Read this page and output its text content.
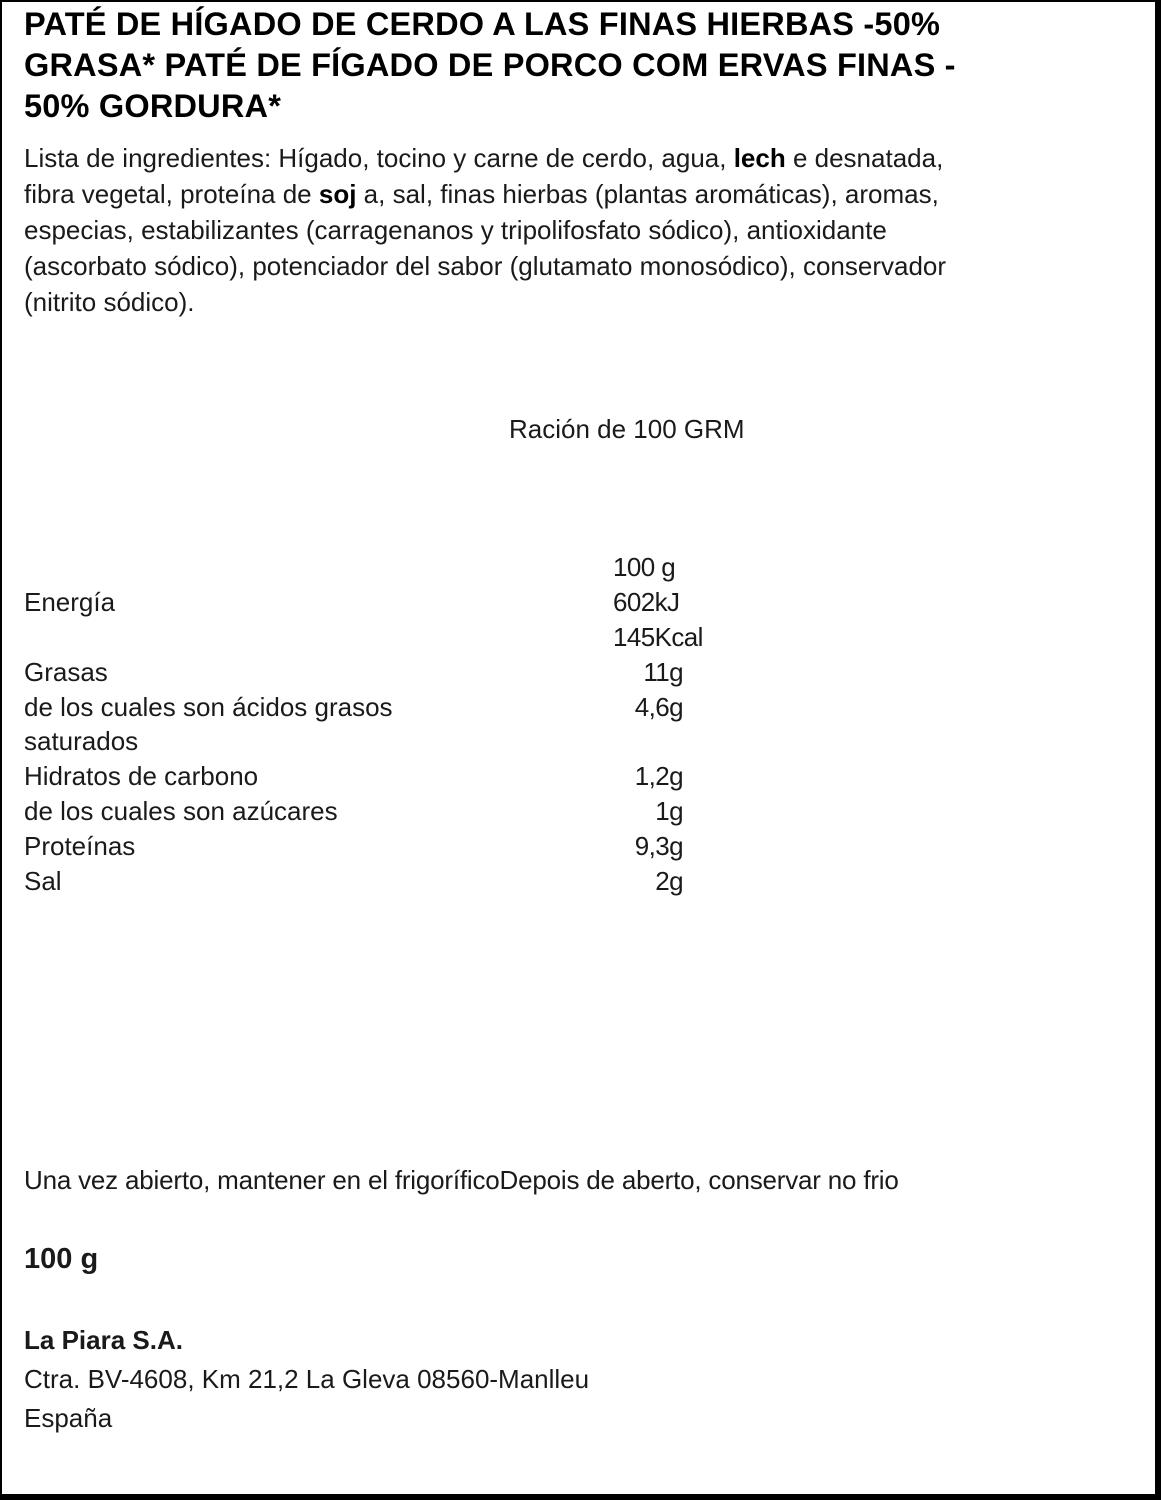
PATÉ DE HÍGADO DE CERDO A LAS FINAS HIERBAS -50%
GRASA* PATÉ DE FÍGADO DE PORCO COM ERVAS FINAS -
50% GORDURA*
Lista de ingredientes: Hígado, tocino y carne de cerdo, agua, lech e desnatada,
fibra vegetal, proteína de soj a, sal, finas hierbas (plantas aromáticas), aromas,
especias, estabilizantes (carragenanos y tripolifosfato sódico), antioxidante
(ascorbato sódico), potenciador del sabor (glutamato monosódico), conservador
(nitrito sódico).
Ración de 100 GRM
100 g
Energía	602kJ
145Kcal
Grasas	11g
de los cuales son ácidos grasos	4,6g
saturados
Hidratos de carbono	1,2g
de los cuales son azúcares	1g
Proteínas	9,3g
Sal	2g
Una vez abierto, mantener en el frigoríficoDepois de aberto, conservar no frio
100 g
La Piara S.A.
Ctra. BV-4608, Km 21,2 La Gleva 08560-Manlleu
España
